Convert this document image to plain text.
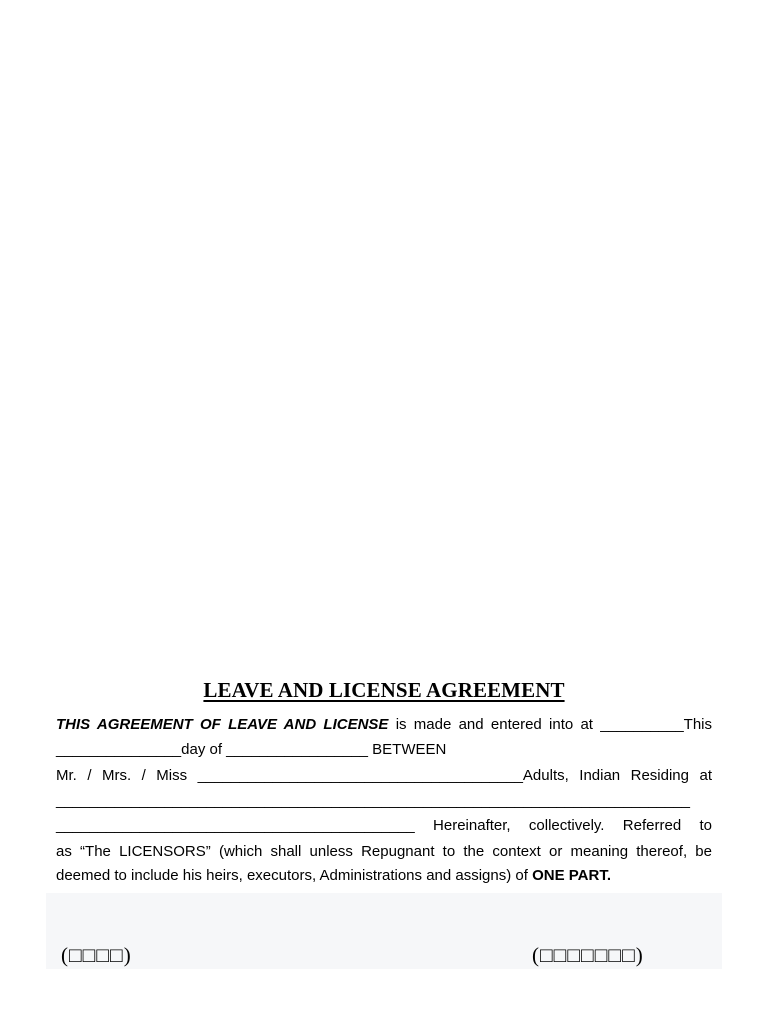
LEAVE AND LICENSE AGREEMENT
THIS AGREEMENT OF LEAVE AND LICENSE is made and entered into at __________This
_______________day of _________________ BETWEEN
Mr. / Mrs. / Miss _______________________________________Adults, Indian Residing at
____________________________________________________________________________
___________________________________________ Hereinafter, collectively. Referred to
as “The LICENSORS” (which shall unless Repugnant to the context or meaning thereof, be
deemed to include his heirs, executors, Administrations and assigns) of ONE PART.
(□□□□)	(□□□□□□□)
